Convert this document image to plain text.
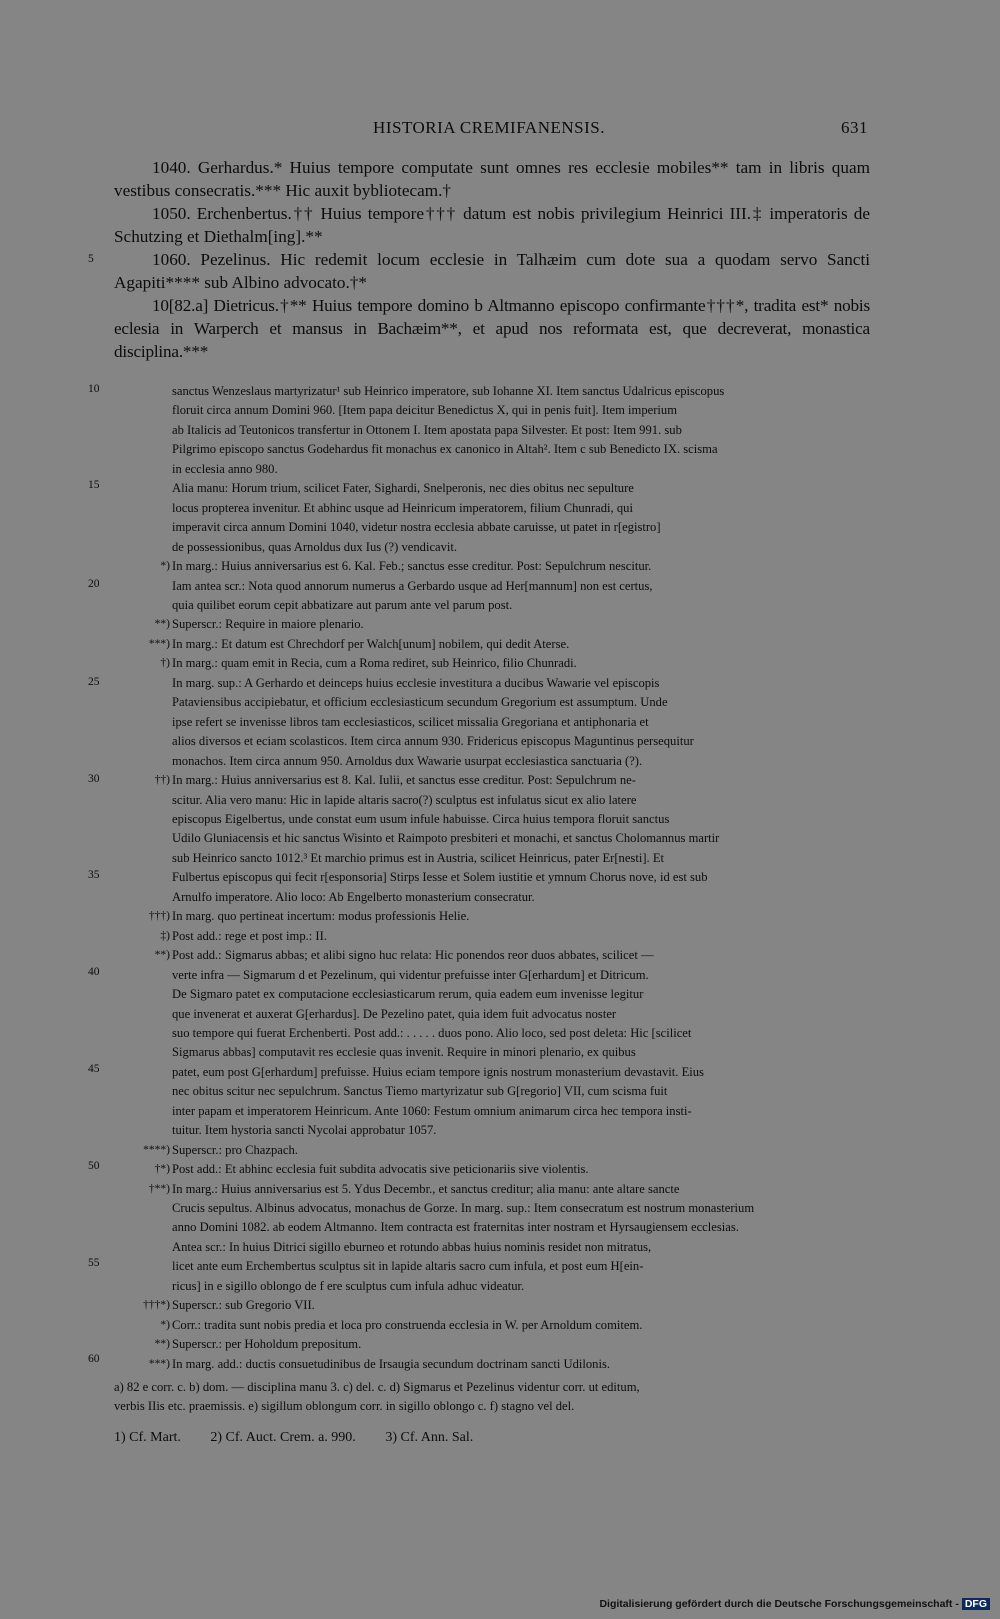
HISTORIA CREMIFANENSIS.	631

1040. Gerhardus.* Huius tempore computate sunt omnes res ecclesie mobiles** tam in libris quam vestibus consecratis.*** Hic auxit bybliotecam.†

1050. Erchenbertus.†† Huius tempore††† datum est nobis privilegium Heinrici III.‡ imperatoris de Schutzing et Diethalm[ing].**

1060. Pezelinus. Hic redemit locum ecclesie in Talhæim cum dote sua a quodam servo Sancti Agapiti**** sub Albino advocato.†*

10[82.a] Dietricus.†** Huius tempore domino b Altmanno episcopo confirmante†††*, tradita est* nobis eclesia in Warperch et mansus in Bachæim**, et apud nos reformata est, que decreverat, monastica disciplina.***

5
10
15
20
25
30
35
40
45
50
55
60
sanctus Wenzeslaus martyrizatur¹ sub Heinrico imperatore, sub Iohanne XI. Item sanctus Udalricus episcopus
floruit circa annum Domini 960. [Item papa deicitur Benedictus X, qui in penis fuit]. Item imperium
ab Italicis ad Teutonicos transfertur in Ottonem I. Item apostata papa Silvester. Et post: Item 991. sub
Pilgrimo episcopo sanctus Godehardus fit monachus ex canonico in Altah². Item c sub Benedicto IX. scisma
in ecclesia anno 980.
Alia manu: Horum trium, scilicet Fater, Sighardi, Snelperonis, nec dies obitus nec sepulture
locus propterea invenitur. Et abhinc usque ad Heinricum imperatorem, filium Chunradi, qui
imperavit circa annum Domini 1040, videtur nostra ecclesia abbate caruisse, ut patet in r[egistro]
de possessionibus, quas Arnoldus dux Ius (?) vendicavit.
*) In marg.: Huius anniversarius est 6. Kal. Feb.; sanctus esse creditur. Post: Sepulchrum nescitur.
Iam antea scr.: Nota quod annorum numerus a Gerbardo usque ad Her[mannum] non est certus,
quia quilibet eorum cepit abbatizare aut parum ante vel parum post.
**) Superscr.: Require in maiore plenario.
***) In marg.: Et datum est Chrechdorf per Walch[unum] nobilem, qui dedit Aterse.
†) In marg.: quam emit in Recia, cum a Roma rediret, sub Heinrico, filio Chunradi.
In marg. sup.: A Gerhardo et deinceps huius ecclesie investitura a ducibus Wawarie vel episcopis
Pataviensibus accipiebatur, et officium ecclesiasticum secundum Gregorium est assumptum. Unde
ipse refert se invenisse libros tam ecclesiasticos, scilicet missalia Gregoriana et antiphonaria et
alios diversos et eciam scolasticos. Item circa annum 930. Fridericus episcopus Maguntinus persequitur
monachos. Item circa annum 950. Arnoldus dux Wawarie usurpat ecclesiastica sanctuaria (?).
††) In marg.: Huius anniversarius est 8. Kal. Iulii, et sanctus esse creditur. Post: Sepulchrum ne-
scitur. Alia vero manu: Hic in lapide altaris sacro(?) sculptus est infulatus sicut ex alio latere
episcopus Eigelbertus, unde constat eum usum infule habuisse. Circa huius tempora floruit sanctus
Udilo Gluniacensis et hic sanctus Wisinto et Raimpoto presbiteri et monachi, et sanctus Cholomannus martir
sub Heinrico sancto 1012.³ Et marchio primus est in Austria, scilicet Heinricus, pater Er[nesti]. Et
Fulbertus episcopus qui fecit r[esponsoria] Stirps Iesse et Solem iustitie et ymnum Chorus nove, id est sub
Arnulfo imperatore. Alio loco: Ab Engelberto monasterium consecratur.
†††) In marg. quo pertineat incertum: modus professionis Helie.
‡) Post add.: rege et post imp.: II.
**) Post add.: Sigmarus abbas; et alibi signo huc relata: Hic ponendos reor duos abbates, scilicet —
verte infra — Sigmarum d et Pezelinum, qui videntur prefuisse inter G[erhardum] et Ditricum.
De Sigmaro patet ex computacione ecclesiasticarum rerum, quia eadem eum invenisse legitur
que invenerat et auxerat G[erhardus]. De Pezelino patet, quia idem fuit advocatus noster
suo tempore qui fuerat Erchenberti. Post add.: . . . . . duos pono. Alio loco, sed post deleta: Hic [scilicet
Sigmarus abbas] computavit res ecclesie quas invenit. Require in minori plenario, ex quibus
patet, eum post G[erhardum] prefuisse. Huius eciam tempore ignis nostrum monasterium devastavit. Eius
nec obitus scitur nec sepulchrum. Sanctus Tiemo martyrizatur sub G[regorio] VII, cum scisma fuit
inter papam et imperatorem Heinricum. Ante 1060: Festum omnium animarum circa hec tempora insti-
tuitur. Item hystoria sancti Nycolai approbatur 1057.
****) Superscr.: pro Chazpach.
†*) Post add.: Et abhinc ecclesia fuit subdita advocatis sive peticionariis sive violentis.
†**) In marg.: Huius anniversarius est 5. Ydus Decembr., et sanctus creditur; alia manu: ante altare sancte
Crucis sepultus. Albinus advocatus, monachus de Gorze. In marg. sup.: Item consecratum est nostrum monasterium
anno Domini 1082. ab eodem Altmanno. Item contracta est fraternitas inter nostram et Hyrsaugiensem ecclesias.
Antea scr.: In huius Ditrici sigillo eburneo et rotundo abbas huius nominis residet non mitratus,
licet ante eum Erchembertus sculptus sit in lapide altaris sacro cum infula, et post eum H[ein-
ricus] in e sigillo oblongo de f ere sculptus cum infula adhuc videatur.
†††*) Superscr.: sub Gregorio VII.
*) Corr.: tradita sunt nobis predia et loca pro construenda ecclesia in W. per Arnoldum comitem.
**) Superscr.: per Hoholdum prepositum.
***) In marg. add.: ductis consuetudinibus de Irsaugia secundum doctrinam sancti Udilonis.
a) 82 e corr. c. b) dom. — disciplina manu 3. c) del. c. d) Sigmarus et Pezelinus videntur corr. ut editum,
verbis IIis etc. praemissis. e) sigillum oblongum corr. in sigillo oblongo c. f) stagno vel del.
1) Cf. Mart. 2) Cf. Auct. Crem. a. 990. 3) Cf. Ann. Sal.
Digitalisierung gefördert durch die Deutsche Forschungsgemeinschaft - DFG
